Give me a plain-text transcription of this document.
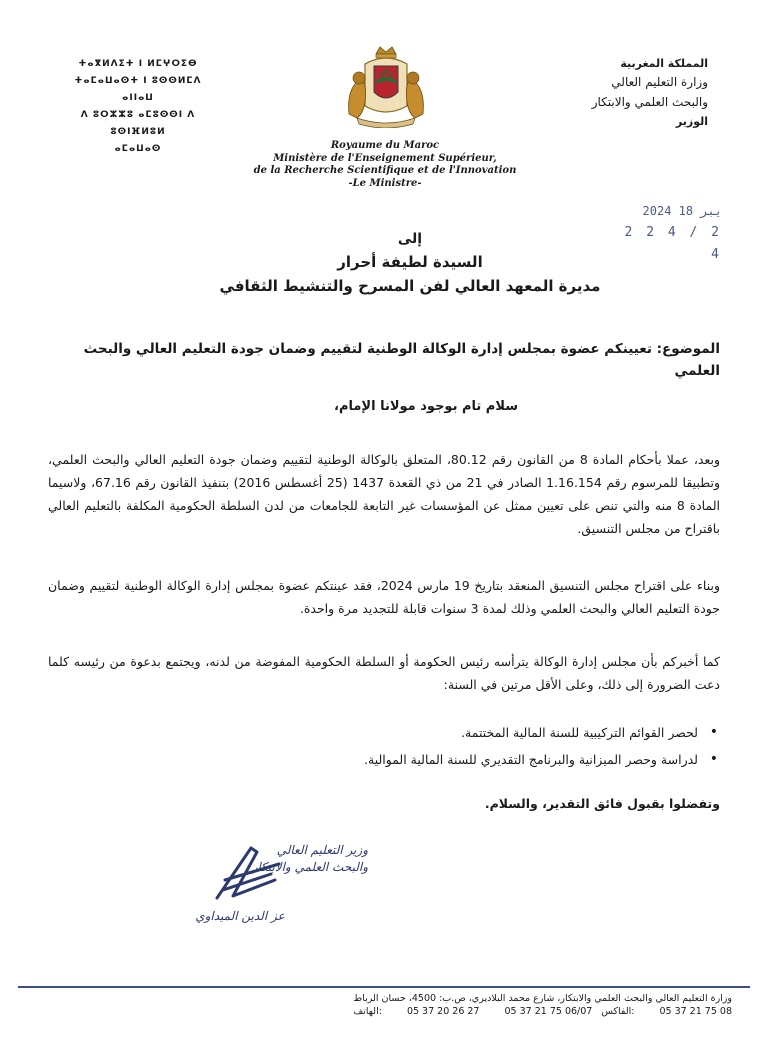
ⵜⴰⴳⵍⴷⵉⵜ ⵏ ⵍⵎⵖⵔⵉⴱ
ⵜⴰⵎⴰⵡⴰⵙⵜ ⵏ ⵓⵙⵙⵍⵎⴷ ⴰⵏⵏⴰⵡ
ⴷ ⵓⵔⵣⵣⵓ ⴰⵎⵓⵙⵙⵏ ⴷ ⵓⵙⵏⴼⵍⵓⵍ
ⴰⵎⴰⵡⴰⵙ
المملكة المغربية
وزارة التعليم العالي
والبحث العلمي والابتكار
الوزير
Royaume du Maroc
Ministère de l'Enseignement Supérieur,
de la Recherche Scientifique et de l'Innovation
-Le Ministre-
2024 يبر 18
2 2 4 / 2 4
إلى
السيدة لطيفة أحرار
مديرة المعهد العالي لفن المسرح والتنشيط الثقافي
الموضوع: تعيينكم عضوة بمجلس إدارة الوكالة الوطنية لتقييم وضمان جودة التعليم العالي والبحث العلمي
سلام تام بوجود مولانا الإمام،
وبعد، عملا بأحكام المادة 8 من القانون رقم 80.12، المتعلق بالوكالة الوطنية لتقييم وضمان جودة التعليم العالي والبحث العلمي، وتطبيقا للمرسوم رقم 1.16.154 الصادر في 21 من ذي القعدة 1437 (25 أغسطس 2016) بتنفيذ القانون رقم 67.16، ولاسيما المادة 8 منه والتي تنص على تعيين ممثل عن المؤسسات غير التابعة للجامعات من لدن السلطة الحكومية المكلفة بالتعليم العالي باقتراح من مجلس التنسيق.
وبناء على اقتراح مجلس التنسيق المنعقد بتاريخ 19 مارس 2024، فقد عينتكم عضوة بمجلس إدارة الوكالة الوطنية لتقييم وضمان جودة التعليم العالي والبحث العلمي وذلك لمدة 3 سنوات قابلة للتجديد مرة واحدة.
كما أخبركم بأن مجلس إدارة الوكالة يترأسه رئيس الحكومة أو السلطة الحكومية المفوضة من لدنه، ويجتمع بدعوة من رئيسه كلما دعت الضرورة إلى ذلك، وعلى الأقل مرتين في السنة:
• لحصر القوائم التركيبية للسنة المالية المختتمة.
• لدراسة وحصر الميزانية والبرنامج التقديري للسنة المالية الموالية.
وتفضلوا بقبول فائق التقدير، والسلام.
وزير التعليم العالي
والبحث العلمي والابتكار
عز الدين الميداوي
وزارة التعليم العالي والبحث العلمي والابتكار، شارع محمد البلاديري، ص.ب: 4500، حسان الرباط
الهاتف:	05 37 20 26 27	05 37 21 75 06/07 الفاكس:	05 37 21 75 08
